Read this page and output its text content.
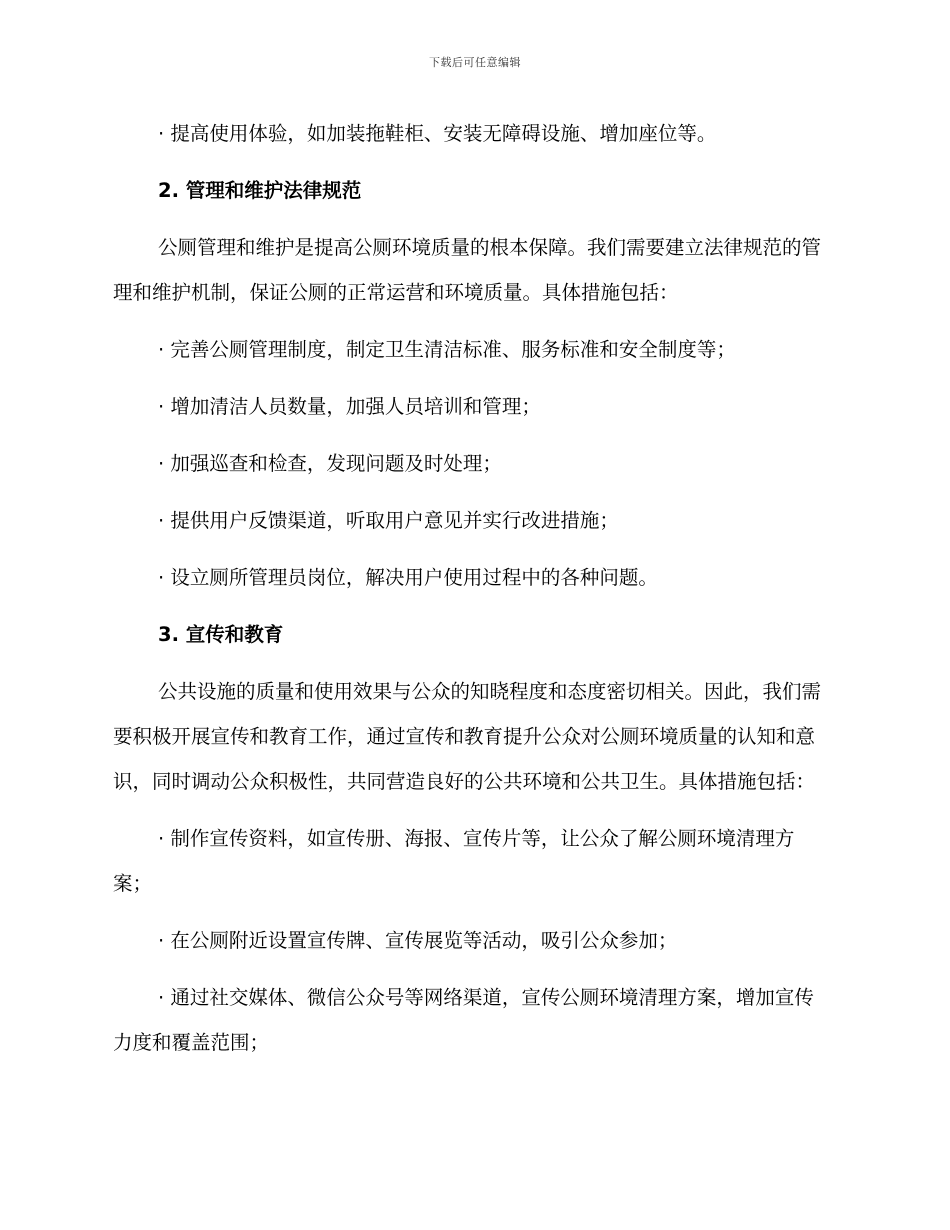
下载后可任意编辑

· 提高使用体验，如加装拖鞋柜、安装无障碍设施、增加座位等。

2. 管理和维护法律规范

公厕管理和维护是提高公厕环境质量的根本保障。我们需要建立法律规范的管理和维护机制，保证公厕的正常运营和环境质量。具体措施包括：

· 完善公厕管理制度，制定卫生清洁标准、服务标准和安全制度等；

· 增加清洁人员数量，加强人员培训和管理；

· 加强巡查和检查，发现问题及时处理；

· 提供用户反馈渠道，听取用户意见并实行改进措施；

· 设立厕所管理员岗位，解决用户使用过程中的各种问题。

3. 宣传和教育

公共设施的质量和使用效果与公众的知晓程度和态度密切相关。因此，我们需要积极开展宣传和教育工作，通过宣传和教育提升公众对公厕环境质量的认知和意识，同时调动公众积极性，共同营造良好的公共环境和公共卫生。具体措施包括：

· 制作宣传资料，如宣传册、海报、宣传片等，让公众了解公厕环境清理方案；

· 在公厕附近设置宣传牌、宣传展览等活动，吸引公众参加；

· 通过社交媒体、微信公众号等网络渠道，宣传公厕环境清理方案，增加宣传力度和覆盖范围；
